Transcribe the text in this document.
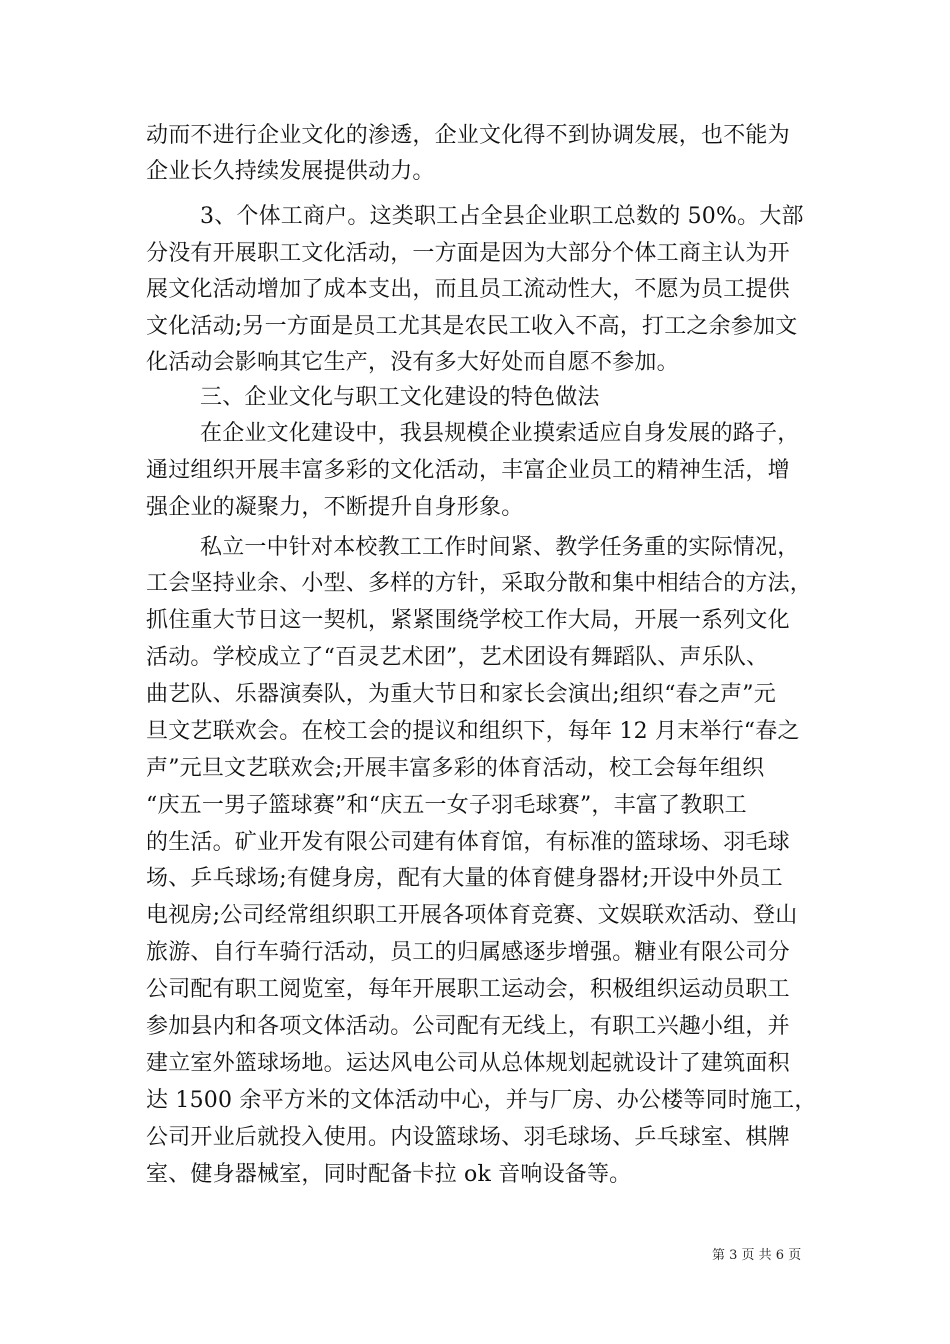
动而不进行企业文化的渗透，企业文化得不到协调发展，也不能为
企业长久持续发展提供动力。
3、个体工商户。这类职工占全县企业职工总数的 50%。大部
分没有开展职工文化活动，一方面是因为大部分个体工商主认为开
展文化活动增加了成本支出，而且员工流动性大，不愿为员工提供
文化活动;另一方面是员工尤其是农民工收入不高，打工之余参加文
化活动会影响其它生产，没有多大好处而自愿不参加。
三、企业文化与职工文化建设的特色做法
在企业文化建设中，我县规模企业摸索适应自身发展的路子，
通过组织开展丰富多彩的文化活动，丰富企业员工的精神生活，增
强企业的凝聚力，不断提升自身形象。
私立一中针对本校教工工作时间紧、教学任务重的实际情况，
工会坚持业余、小型、多样的方针，采取分散和集中相结合的方法，
抓住重大节日这一契机，紧紧围绕学校工作大局，开展一系列文化
活动。学校成立了“百灵艺术团”，艺术团设有舞蹈队、声乐队、
曲艺队、乐器演奏队，为重大节日和家长会演出;组织“春之声”元
旦文艺联欢会。在校工会的提议和组织下，每年 12 月末举行“春之
声”元旦文艺联欢会;开展丰富多彩的体育活动，校工会每年组织
“庆五一男子篮球赛”和“庆五一女子羽毛球赛”，丰富了教职工
的生活。矿业开发有限公司建有体育馆，有标准的篮球场、羽毛球
场、乒乓球场;有健身房，配有大量的体育健身器材;开设中外员工
电视房;公司经常组织职工开展各项体育竞赛、文娱联欢活动、登山
旅游、自行车骑行活动，员工的归属感逐步增强。糖业有限公司分
公司配有职工阅览室，每年开展职工运动会，积极组织运动员职工
参加县内和各项文体活动。公司配有无线上，有职工兴趣小组，并
建立室外篮球场地。运达风电公司从总体规划起就设计了建筑面积
达 1500 余平方米的文体活动中心，并与厂房、办公楼等同时施工，
公司开业后就投入使用。内设篮球场、羽毛球场、乒乓球室、棋牌
室、健身器械室，同时配备卡拉 ok 音响设备等。
第 3 页 共 6 页
